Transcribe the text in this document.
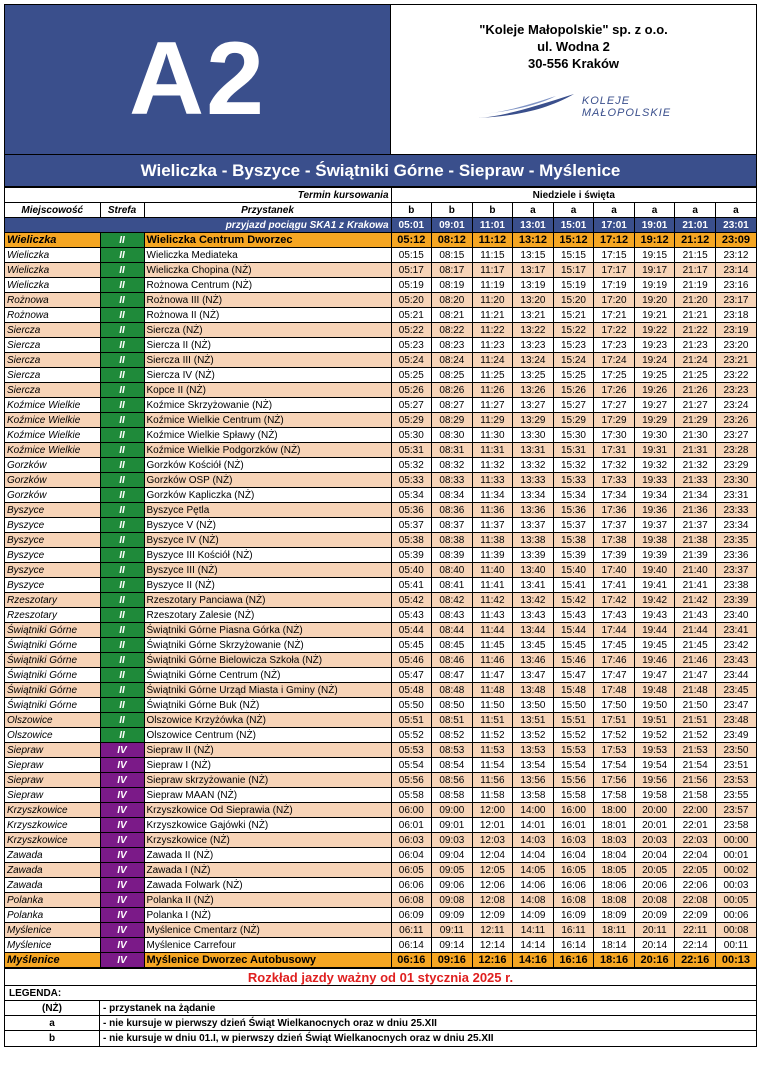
A2	"Koleje Małopolskie" sp. z o.o.
ul. Wodna 2
30-556 Kraków
KOLEJE
MAŁOPOLSKIE
Wieliczka - Byszyce - Świątniki Górne - Siepraw - Myślenice
Termin kursowania			Niedziele i święta								
Miejscowość	Strefa	Przystanek	b	b	b	a	a	a	a	a	a
przyjazd pociągu SKA1 z Krakowa			05:01	09:01	11:01	13:01	15:01	17:01	19:01	21:01	23:01
Wieliczka	II	Wieliczka Centrum Dworzec	05:12	08:12	11:12	13:12	15:12	17:12	19:12	21:12	23:09
Wieliczka	II	Wieliczka Mediateka	05:15	08:15	11:15	13:15	15:15	17:15	19:15	21:15	23:12
Wieliczka	II	Wieliczka Chopina (NŻ)	05:17	08:17	11:17	13:17	15:17	17:17	19:17	21:17	23:14
Wieliczka	II	Rożnowa Centrum (NŻ)	05:19	08:19	11:19	13:19	15:19	17:19	19:19	21:19	23:16
Rożnowa	II	Rożnowa III (NŻ)	05:20	08:20	11:20	13:20	15:20	17:20	19:20	21:20	23:17
Rożnowa	II	Rożnowa II (NŻ)	05:21	08:21	11:21	13:21	15:21	17:21	19:21	21:21	23:18
Siercza	II	Siercza (NŻ)	05:22	08:22	11:22	13:22	15:22	17:22	19:22	21:22	23:19
Siercza	II	Siercza II (NŻ)	05:23	08:23	11:23	13:23	15:23	17:23	19:23	21:23	23:20
Siercza	II	Siercza III (NŻ)	05:24	08:24	11:24	13:24	15:24	17:24	19:24	21:24	23:21
Siercza	II	Siercza IV (NŻ)	05:25	08:25	11:25	13:25	15:25	17:25	19:25	21:25	23:22
Siercza	II	Kopce II (NŻ)	05:26	08:26	11:26	13:26	15:26	17:26	19:26	21:26	23:23
Koźmice Wielkie	II	Koźmice Skrzyżowanie (NŻ)	05:27	08:27	11:27	13:27	15:27	17:27	19:27	21:27	23:24
Koźmice Wielkie	II	Koźmice Wielkie Centrum (NŻ)	05:29	08:29	11:29	13:29	15:29	17:29	19:29	21:29	23:26
Koźmice Wielkie	II	Koźmice Wielkie Spławy (NŻ)	05:30	08:30	11:30	13:30	15:30	17:30	19:30	21:30	23:27
Koźmice Wielkie	II	Koźmice Wielkie Podgorzków (NŻ)	05:31	08:31	11:31	13:31	15:31	17:31	19:31	21:31	23:28
Gorzków	II	Gorzków Kościół (NŻ)	05:32	08:32	11:32	13:32	15:32	17:32	19:32	21:32	23:29
Gorzków	II	Gorzków OSP (NŻ)	05:33	08:33	11:33	13:33	15:33	17:33	19:33	21:33	23:30
Gorzków	II	Gorzków Kapliczka (NŻ)	05:34	08:34	11:34	13:34	15:34	17:34	19:34	21:34	23:31
Byszyce	II	Byszyce Pętla	05:36	08:36	11:36	13:36	15:36	17:36	19:36	21:36	23:33
Byszyce	II	Byszyce V (NŻ)	05:37	08:37	11:37	13:37	15:37	17:37	19:37	21:37	23:34
Byszyce	II	Byszyce IV (NŻ)	05:38	08:38	11:38	13:38	15:38	17:38	19:38	21:38	23:35
Byszyce	II	Byszyce III Kościół (NŻ)	05:39	08:39	11:39	13:39	15:39	17:39	19:39	21:39	23:36
Byszyce	II	Byszyce III (NŻ)	05:40	08:40	11:40	13:40	15:40	17:40	19:40	21:40	23:37
Byszyce	II	Byszyce II (NŻ)	05:41	08:41	11:41	13:41	15:41	17:41	19:41	21:41	23:38
Rzeszotary	II	Rzeszotary Panciawa (NŻ)	05:42	08:42	11:42	13:42	15:42	17:42	19:42	21:42	23:39
Rzeszotary	II	Rzeszotary Zalesie (NŻ)	05:43	08:43	11:43	13:43	15:43	17:43	19:43	21:43	23:40
Świątniki Górne	II	Świątniki Górne Piasna Górka (NŻ)	05:44	08:44	11:44	13:44	15:44	17:44	19:44	21:44	23:41
Świątniki Górne	II	Świątniki Górne Skrzyżowanie (NŻ)	05:45	08:45	11:45	13:45	15:45	17:45	19:45	21:45	23:42
Świątniki Górne	II	Świątniki Górne Bielowicza Szkoła (NŻ)	05:46	08:46	11:46	13:46	15:46	17:46	19:46	21:46	23:43
Świątniki Górne	II	Świątniki Górne Centrum (NŻ)	05:47	08:47	11:47	13:47	15:47	17:47	19:47	21:47	23:44
Świątniki Górne	II	Świątniki Górne Urząd Miasta i Gminy (NŻ)	05:48	08:48	11:48	13:48	15:48	17:48	19:48	21:48	23:45
Świątniki Górne	II	Świątniki Górne Buk (NŻ)	05:50	08:50	11:50	13:50	15:50	17:50	19:50	21:50	23:47
Olszowice	II	Olszowice Krzyżówka (NŻ)	05:51	08:51	11:51	13:51	15:51	17:51	19:51	21:51	23:48
Olszowice	II	Olszowice Centrum (NŻ)	05:52	08:52	11:52	13:52	15:52	17:52	19:52	21:52	23:49
Siepraw	IV	Siepraw II (NŻ)	05:53	08:53	11:53	13:53	15:53	17:53	19:53	21:53	23:50
Siepraw	IV	Siepraw I (NŻ)	05:54	08:54	11:54	13:54	15:54	17:54	19:54	21:54	23:51
Siepraw	IV	Siepraw skrzyżowanie (NŻ)	05:56	08:56	11:56	13:56	15:56	17:56	19:56	21:56	23:53
Siepraw	IV	Siepraw MAAN (NŻ)	05:58	08:58	11:58	13:58	15:58	17:58	19:58	21:58	23:55
Krzyszkowice	IV	Krzyszkowice Od Sieprawia (NŻ)	06:00	09:00	12:00	14:00	16:00	18:00	20:00	22:00	23:57
Krzyszkowice	IV	Krzyszkowice Gajówki (NŻ)	06:01	09:01	12:01	14:01	16:01	18:01	20:01	22:01	23:58
Krzyszkowice	IV	Krzyszkowice (NŻ)	06:03	09:03	12:03	14:03	16:03	18:03	20:03	22:03	00:00
Zawada	IV	Zawada II (NŻ)	06:04	09:04	12:04	14:04	16:04	18:04	20:04	22:04	00:01
Zawada	IV	Zawada I (NŻ)	06:05	09:05	12:05	14:05	16:05	18:05	20:05	22:05	00:02
Zawada	IV	Zawada Folwark (NŻ)	06:06	09:06	12:06	14:06	16:06	18:06	20:06	22:06	00:03
Polanka	IV	Polanka II (NŻ)	06:08	09:08	12:08	14:08	16:08	18:08	20:08	22:08	00:05
Polanka	IV	Polanka I (NŻ)	06:09	09:09	12:09	14:09	16:09	18:09	20:09	22:09	00:06
Myślenice	IV	Myślenice Cmentarz (NŻ)	06:11	09:11	12:11	14:11	16:11	18:11	20:11	22:11	00:08
Myślenice	IV	Myślenice Carrefour	06:14	09:14	12:14	14:14	16:14	18:14	20:14	22:14	00:11
Myślenice	IV	Myślenice Dworzec Autobusowy	06:16	09:16	12:16	14:16	16:16	18:16	20:16	22:16	00:13
Rozkład jazdy ważny od 01 stycznia 2025 r.
LEGENDA:
(NŻ)	- przystanek na żądanie
a	- nie kursuje w pierwszy dzień Świąt Wielkanocnych oraz w dniu 25.XII
b	- nie kursuje w dniu 01.I, w pierwszy dzień Świąt Wielkanocnych oraz w dniu 25.XII
